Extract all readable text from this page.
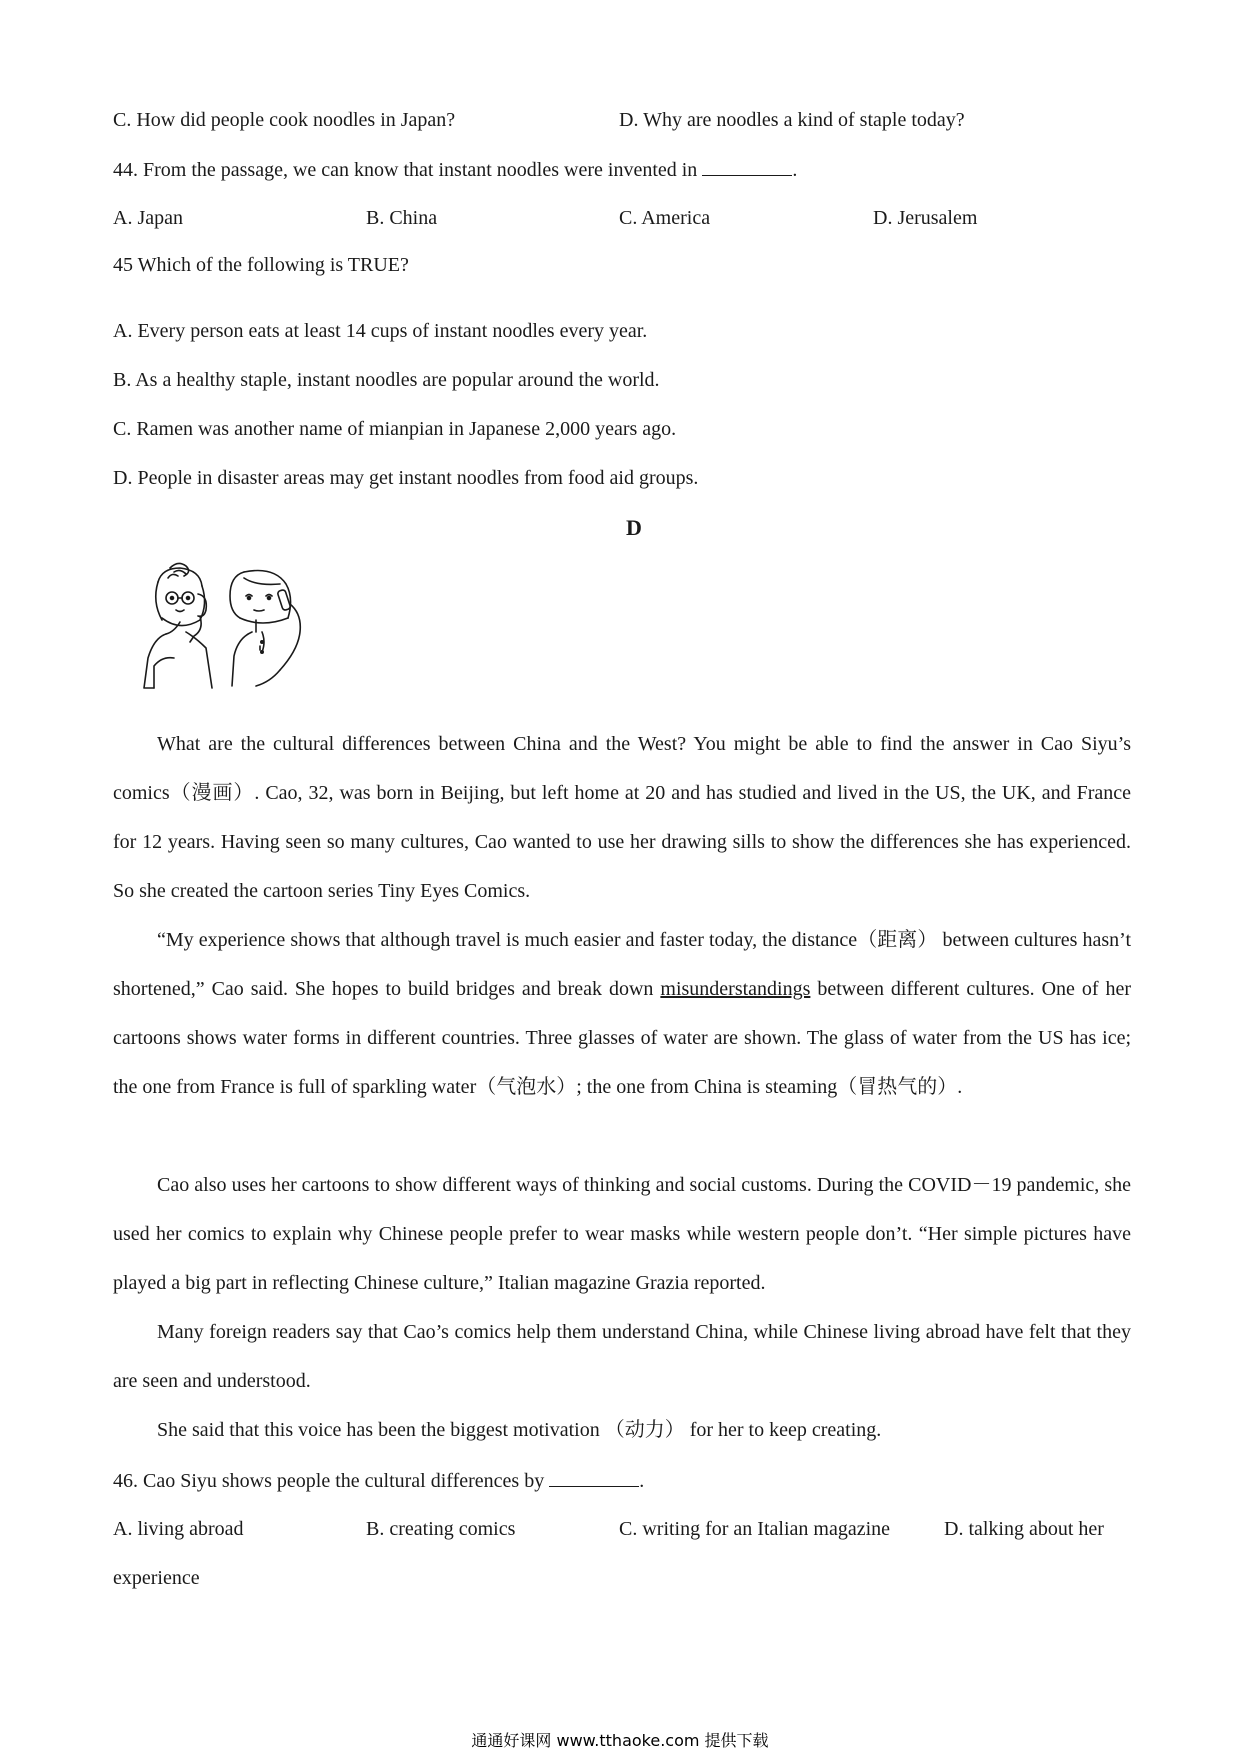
C. How did people cook noodles in Japan?	D. Why are noodles a kind of staple today?
44. From the passage, we can know that instant noodles were invented in	.
A. Japan	B. China	C. America	D. Jerusalem
45 Which of the following is TRUE?
A. Every person eats at least 14 cups of instant noodles every year.
B. As a healthy staple, instant noodles are popular around the world.
C. Ramen was another name of mianpian in Japanese 2,000 years ago.
D. People in disaster areas may get instant noodles from food aid groups.
D
What are the cultural differences between China and the West? You might be able to find the answer in Cao Siyu’s comics（漫画）. Cao, 32, was born in Beijing, but left home at 20 and has studied and lived in the US, the UK, and France for 12 years. Having seen so many cultures, Cao wanted to use her drawing sills to show the differences she has experienced. So she created the cartoon series Tiny Eyes Comics.
“My experience shows that although travel is much easier and faster today, the distance（距离） between cultures hasn’t shortened,” Cao said. She hopes to build bridges and break down misunderstandings between different cultures. One of her cartoons shows water forms in different countries. Three glasses of water are shown. The glass of water from the US has ice; the one from France is full of sparkling water（气泡水）; the one from China is steaming（冒热气的）.
Cao also uses her cartoons to show different ways of thinking and social customs. During the COVID－19 pandemic, she used her comics to explain why Chinese people prefer to wear masks while western people don’t. “Her simple pictures have played a big part in reflecting Chinese culture,” Italian magazine Grazia reported.
Many foreign readers say that Cao’s comics help them understand China, while Chinese living abroad have felt that they are seen and understood.
She said that this voice has been the biggest motivation （动力） for her to keep creating.
46. Cao Siyu shows people the cultural differences by	.
A. living abroad	B. creating comics	C. writing for an Italian magazine	D. talking about her
experience
通通好课网 www.tthaoke.com 提供下载
